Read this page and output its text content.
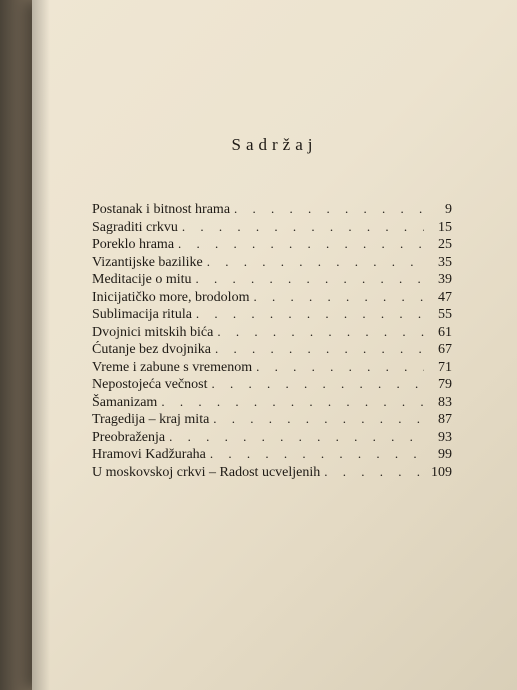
Sadržaj
Postanak i bitnost hrama . . .	9
Sagraditi crkvu . . .	15
Poreklo hrama . . .	25
Vizantijske bazilike . . .	35
Meditacije o mitu . . .	39
Inicijatičko more, brodolom . . .	47
Sublimacija ritula . . .	55
Dvojnici mitskih bića . . .	61
Ćutanje bez dvojnika . . .	67
Vreme i zabune s vremenom . . .	71
Nepostojeća večnost . . .	79
Šamanizam . . .	83
Tragedija – kraj mita . . .	87
Preobraženja . . .	93
Hramovi Kadžuraha . . .	99
U moskovskoj crkvi – Radost ucveljenih . . .	109
